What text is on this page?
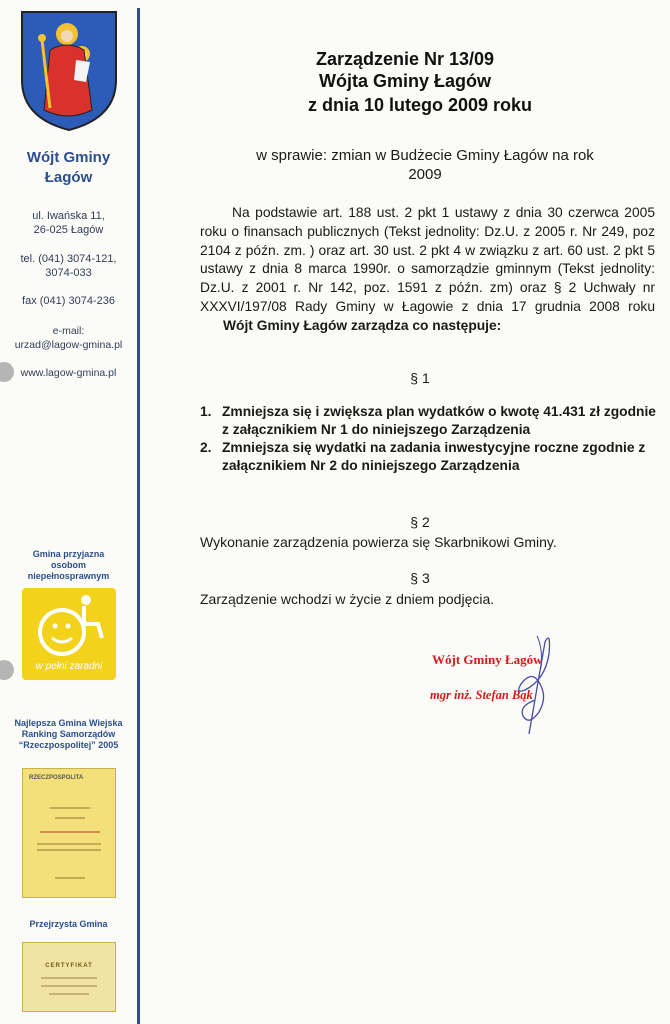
Wójt Gminy
Łagów
ul. Iwańska 11,
26-025 Łagów
tel. (041) 3074-121,
3074-033
fax (041) 3074-236
e-mail:
urzad@lagow-gmina.pl
www.lagow-gmina.pl
Gmina przyjazna
osobom
niepełnosprawnym
w pełni zaradni
Najlepsza Gmina Wiejska
Ranking Samorządów
“Rzeczpospolitej” 2005
RZECZPOSPOLITA
Przejrzysta Gmina
CERTYFIKAT
Zarządzenie Nr 13/09
Wójta Gminy Łagów
z dnia 10 lutego 2009 roku
w sprawie: zmian w Budżecie Gminy Łagów na rok
2009
Na podstawie art. 188 ust. 2 pkt 1 ustawy z dnia 30 czerwca 2005 roku o finansach publicznych (Tekst jednolity: Dz.U. z 2005 r. Nr 249, poz 2104 z późn. zm. ) oraz art. 30 ust. 2 pkt 4 w związku z art. 60 ust. 2 pkt 5 ustawy z dnia 8 marca 1990r. o samorządzie gminnym (Tekst jednolity: Dz.U. z 2001 r. Nr 142, poz. 1591 z późn. zm) oraz § 2 Uchwały nr XXXVI/197/08 Rady Gminy w Łagowie z dnia 17 grudnia 2008 roku       Wójt Gminy Łagów zarządza co następuje:
§ 1
1. Zmniejsza się i zwiększa plan wydatków o kwotę 41.431 zł zgodnie z załącznikiem Nr 1 do niniejszego Zarządzenia
2. Zmniejsza się wydatki na zadania inwestycyjne roczne zgodnie z załącznikiem Nr 2 do niniejszego Zarządzenia
§ 2
Wykonanie zarządzenia powierza się Skarbnikowi Gminy.
§ 3
Zarządzenie wchodzi w życie z dniem podjęcia.
Wójt Gminy Łagów
mgr inż. Stefan Bąk
